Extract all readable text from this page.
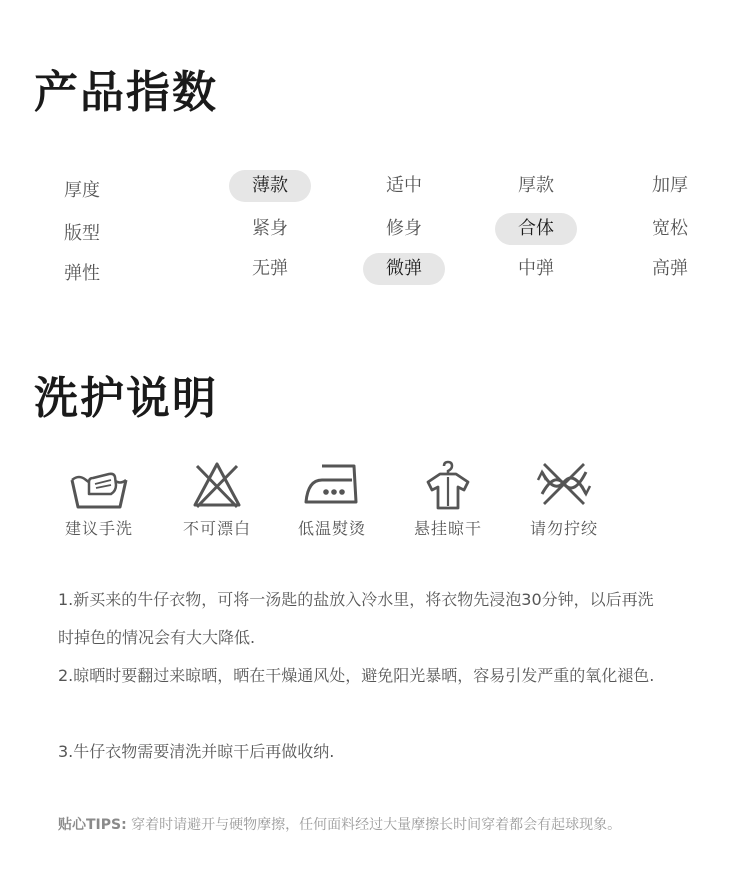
产品指数
厚度	薄款	适中	厚款	加厚
版型	紧身	修身	合体	宽松
弹性	无弹	微弹	中弹	高弹
洗护说明
建议手洗	不可漂白	低温熨烫	悬挂晾干	请勿拧绞

1.新买来的牛仔衣物，可将一汤匙的盐放入冷水里，将衣物先浸泡30分钟，以后再洗时掉色的情况会有大大降低.

2.晾晒时要翻过来晾晒，晒在干燥通风处，避免阳光暴晒，容易引发严重的氧化褪色.

3.牛仔衣物需要清洗并晾干后再做收纳.

贴心TIPS: 穿着时请避开与硬物摩擦，任何面料经过大量摩擦长时间穿着都会有起球现象。
